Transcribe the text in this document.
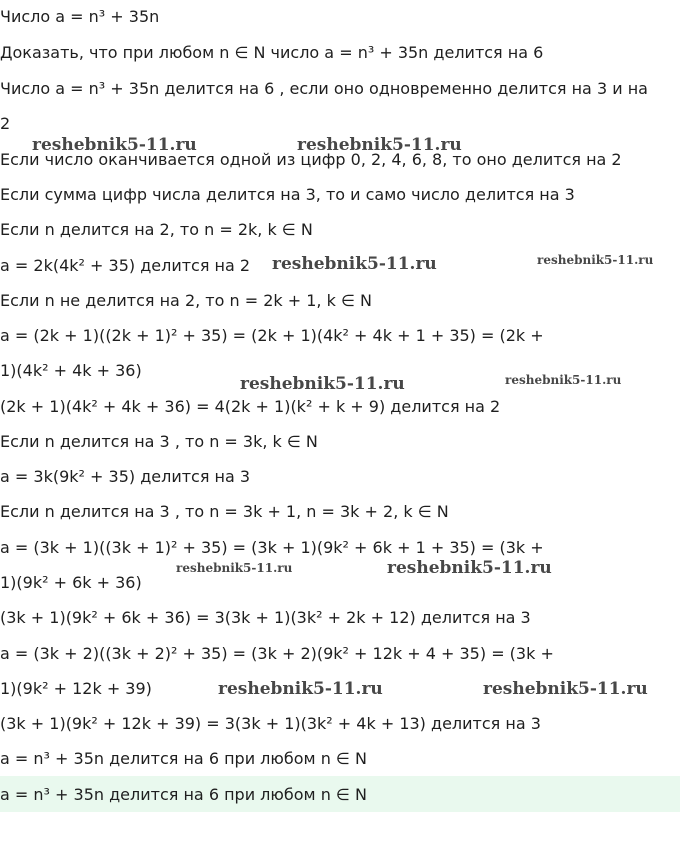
Число a = n³ + 35n
Доказать, что при любом n ∈ N число a = n³ + 35n делится на 6
Число a = n³ + 35n делится на 6 , если оно одновременно делится на 3 и на
2
Если число оканчивается одной из цифр 0, 2, 4, 6, 8, то оно делится на 2
Если сумма цифр числа делится на 3, то и само число делится на 3
Если n делится на 2, то n = 2k, k ∈ N
a = 2k(4k² + 35) делится на 2
Если n не делится на 2, то n = 2k + 1, k ∈ N
a = (2k + 1)((2k + 1)² + 35) = (2k + 1)(4k² + 4k + 1 + 35) = (2k +
1)(4k² + 4k + 36)
(2k + 1)(4k² + 4k + 36) = 4(2k + 1)(k² + k + 9) делится на 2
Если n делится на 3 , то n = 3k, k ∈ N
a = 3k(9k² + 35) делится на 3
Если n делится на 3 , то n = 3k + 1, n = 3k + 2, k ∈ N
a = (3k + 1)((3k + 1)² + 35) = (3k + 1)(9k² + 6k + 1 + 35) = (3k +
1)(9k² + 6k + 36)
(3k + 1)(9k² + 6k + 36) = 3(3k + 1)(3k² + 2k + 12) делится на 3
a = (3k + 2)((3k + 2)² + 35) = (3k + 2)(9k² + 12k + 4 + 35) = (3k +
1)(9k² + 12k + 39)
(3k + 1)(9k² + 12k + 39) = 3(3k + 1)(3k² + 4k + 13) делится на 3
a = n³ + 35n делится на 6 при любом n ∈ N
a = n³ + 35n делится на 6 при любом n ∈ N
reshebnik5-11.ru	reshebnik5-11.ru
reshebnik5-11.ru	reshebnik5-11.ru
reshebnik5-11.ru	reshebnik5-11.ru
reshebnik5-11.ru	reshebnik5-11.ru
reshebnik5-11.ru	reshebnik5-11.ru
